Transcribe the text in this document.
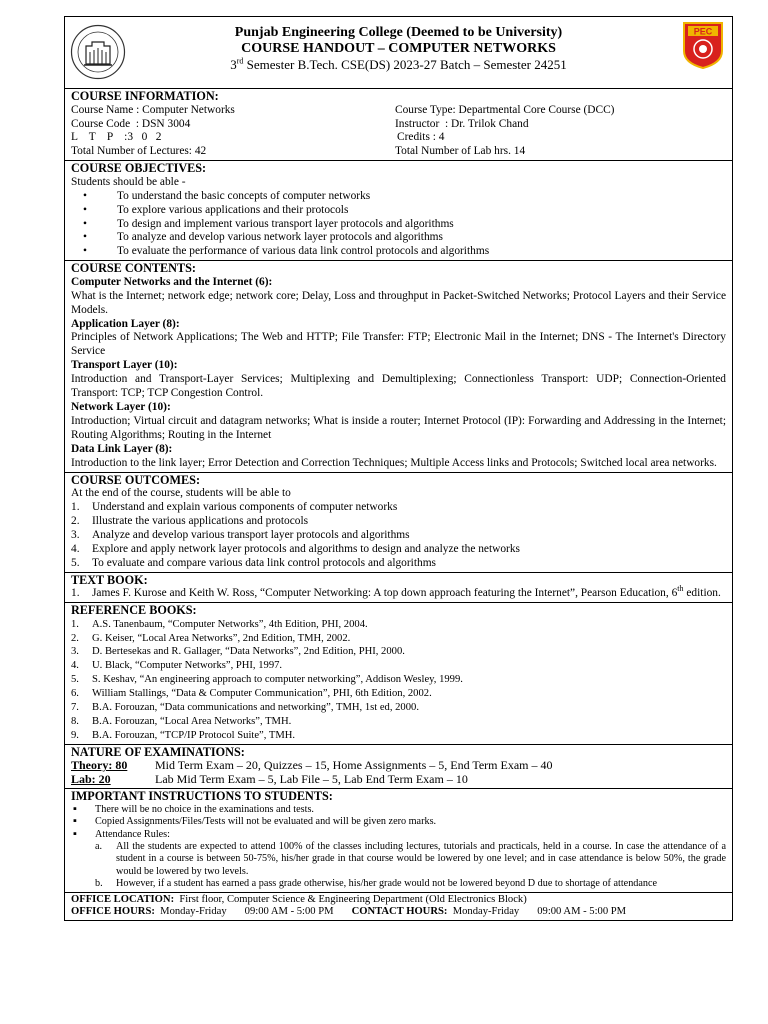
Punjab Engineering College (Deemed to be University)
COURSE HANDOUT – COMPUTER NETWORKS
3rd Semester B.Tech. CSE(DS) 2023-27 Batch – Semester 24251
PEC
COURSE INFORMATION:
Course Name : Computer Networks	Course Type: Departmental Core Course (DCC)
Course Code  : DSN 3004	Instructor  : Dr. Trilok Chand
L    T    P    :3   0   2	Credits : 4
Total Number of Lectures: 42	Total Number of Lab hrs. 14
COURSE OBJECTIVES:
Students should be able -
• To understand the basic concepts of computer networks
• To explore various applications and their protocols
• To design and implement various transport layer protocols and algorithms
• To analyze and develop various network layer protocols and algorithms
• To evaluate the performance of various data link control protocols and algorithms
COURSE CONTENTS:
Computer Networks and the Internet (6):
What is the Internet; network edge; network core; Delay, Loss and throughput in Packet-Switched Networks; Protocol Layers and their Service Models.
Application Layer (8):
Principles of Network Applications; The Web and HTTP; File Transfer: FTP; Electronic Mail in the Internet; DNS - The Internet's Directory Service
Transport Layer (10):
Introduction and Transport-Layer Services; Multiplexing and Demultiplexing; Connectionless Transport: UDP; Connection-Oriented Transport: TCP; TCP Congestion Control.
Network Layer (10):
Introduction; Virtual circuit and datagram networks; What is inside a router; Internet Protocol (IP): Forwarding and Addressing in the Internet; Routing Algorithms; Routing in the Internet
Data Link Layer (8):
Introduction to the link layer; Error Detection and Correction Techniques; Multiple Access links and Protocols; Switched local area networks.
COURSE OUTCOMES:
At the end of the course, students will be able to
1.	Understand and explain various components of computer networks
2.	Illustrate the various applications and protocols
3.	Analyze and develop various transport layer protocols and algorithms
4.	Explore and apply network layer protocols and algorithms to design and analyze the networks
5.	To evaluate and compare various data link control protocols and algorithms
TEXT BOOK:
1.	James F. Kurose and Keith W. Ross, “Computer Networking: A top down approach featuring the Internet”, Pearson Education, 6th edition.
REFERENCE BOOKS:
1.	A.S. Tanenbaum, “Computer Networks”, 4th Edition, PHI, 2004.
2.	G. Keiser, “Local Area Networks”, 2nd Edition, TMH, 2002.
3.	D. Bertesekas and R. Gallager, “Data Networks”, 2nd Edition, PHI, 2000.
4.	U. Black, “Computer Networks”, PHI, 1997.
5.	S. Keshav, “An engineering approach to computer networking”, Addison Wesley, 1999.
6.	William Stallings, “Data & Computer Communication”, PHI, 6th Edition, 2002.
7.	B.A. Forouzan, “Data communications and networking”, TMH, 1st ed, 2000.
8.	B.A. Forouzan, “Local Area Networks”, TMH.
9.	B.A. Forouzan, “TCP/IP Protocol Suite”, TMH.
NATURE OF EXAMINATIONS:
Theory: 80	Mid Term Exam – 20, Quizzes – 15, Home Assignments – 5, End Term Exam – 40
Lab: 20	Lab Mid Term Exam – 5, Lab File – 5, Lab End Term Exam – 10
IMPORTANT INSTRUCTIONS TO STUDENTS:
▪ There will be no choice in the examinations and tests.
▪ Copied Assignments/Files/Tests will not be evaluated and will be given zero marks.
▪ Attendance Rules:
a.	All the students are expected to attend 100% of the classes including lectures, tutorials and practicals, held in a course. In case the attendance of a student in a course is between 50-75%, his/her grade in that course would be lowered by one level; and in case attendance is below 50%, the grade would be lowered by two levels.
b.	However, if a student has earned a pass grade otherwise, his/her grade would not be lowered beyond D due to shortage of attendance
OFFICE LOCATION: First floor, Computer Science & Engineering Department (Old Electronics Block)
OFFICE HOURS: Monday-Friday 09:00 AM - 5:00 PM CONTACT HOURS: Monday-Friday 09:00 AM - 5:00 PM
